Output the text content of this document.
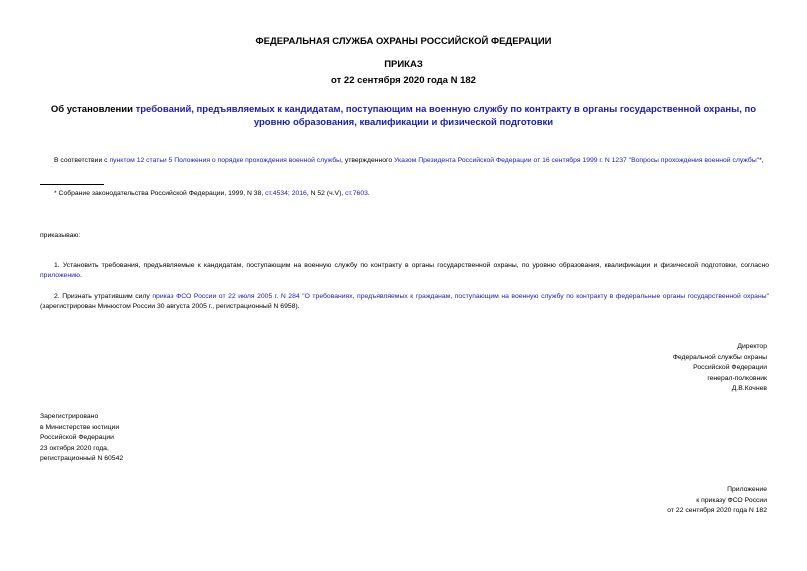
ФЕДЕРАЛЬНАЯ СЛУЖБА ОХРАНЫ РОССИЙСКОЙ ФЕДЕРАЦИИ
ПРИКАЗ
от 22 сентября 2020 года N 182
Об установлении требований, предъявляемых к кандидатам, поступающим на военную службу по контракту в органы государственной охраны, по уровню образования, квалификации и физической подготовки
В соответствии с пунктом 12 статьи 5 Положения о порядке прохождения военной службы, утвержденного Указом Президента Российской Федерации от 16 сентября 1999 г. N 1237 "Вопросы прохождения военной службы"*,
* Собрание законодательства Российской Федерации, 1999, N 38, ст.4534; 2016, N 52 (ч.V), ст.7603.
приказываю:
1. Установить требования, предъявляемые к кандидатам, поступающим на военную службу по контракту в органы государственной охраны, по уровню образования, квалификации и физической подготовки, согласно приложению.
2. Признать утратившим силу приказ ФСО России от 22 июля 2005 г. N 284 "О требованиях, предъявляемых к гражданам, поступающим на военную службу по контракту в федеральные органы государственной охраны" (зарегистрирован Минюстом России 30 августа 2005 г., регистрационный N 6958).
Директор
Федеральной службы охраны
Российской Федерации
генерал-полковник
Д.В.Кочнев
Зарегистрировано
в Министерстве юстиции
Российской Федерации
23 октября 2020 года,
регистрационный N 60542
Приложение
к приказу ФСО России
от 22 сентября 2020 года N 182
